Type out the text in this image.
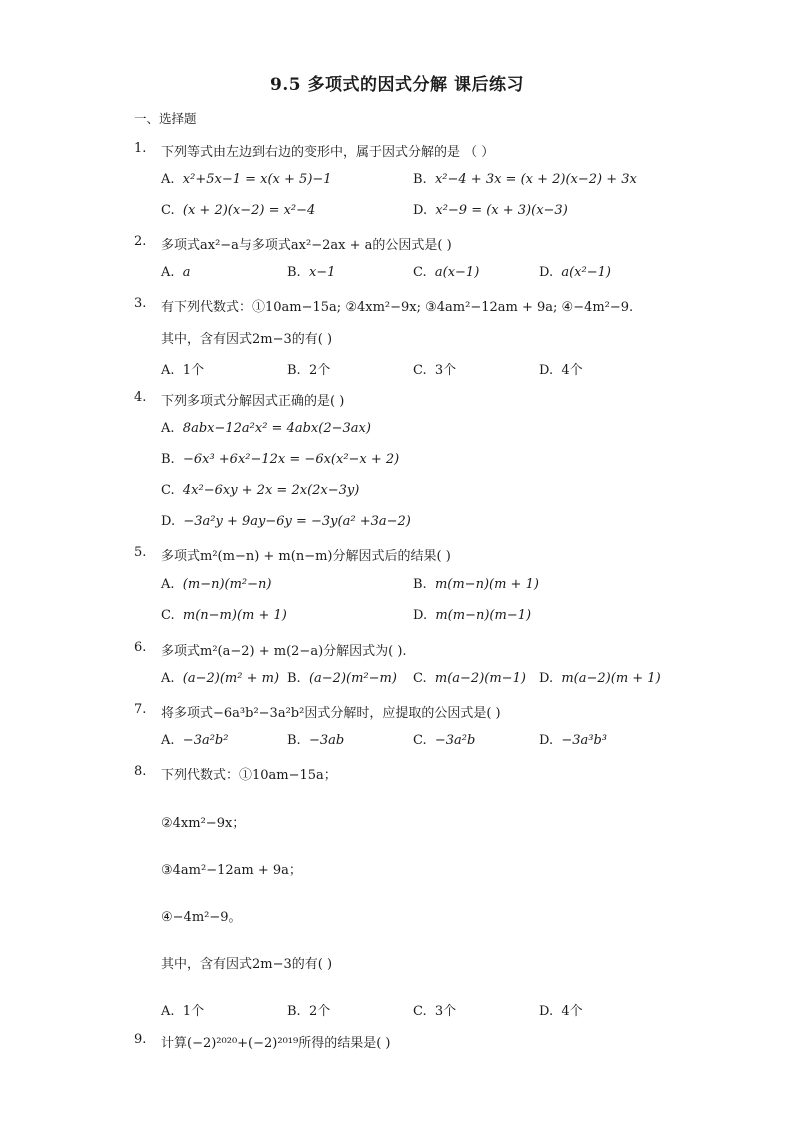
9.5 多项式的因式分解 课后练习
一、选择题
1. 下列等式由左边到右边的变形中，属于因式分解的是 （ ）
A. x²+5x−1 = x(x + 5)−1	B. x²−4 + 3x = (x + 2)(x−2) + 3x
C. (x + 2)(x−2) = x²−4	D. x²−9 = (x + 3)(x−3)
2. 多项式ax²−a与多项式ax²−2ax + a的公因式是( )
A. a	B. x−1	C. a(x−1)	D. a(x²−1)
3. 有下列代数式：①10am−15a; ②4xm²−9x; ③4am²−12am + 9a; ④−4m²−9.
其中，含有因式2m−3的有( )
A. 1个	B. 2个	C. 3个	D. 4个
4. 下列多项式分解因式正确的是( )
A. 8abx−12a²x² = 4abx(2−3ax)
B. −6x³ +6x²−12x = −6x(x²−x + 2)
C. 4x²−6xy + 2x = 2x(2x−3y)
D. −3a²y + 9ay−6y = −3y(a² +3a−2)
5. 多项式m²(m−n) + m(n−m)分解因式后的结果( )
A. (m−n)(m²−n)	B. m(m−n)(m + 1)
C. m(n−m)(m + 1)	D. m(m−n)(m−1)
6. 多项式m²(a−2) + m(2−a)分解因式为( ).
A. (a−2)(m² + m) B. (a−2)(m²−m) C. m(a−2)(m−1) D. m(a−2)(m + 1)
7. 将多项式−6a³b²−3a²b²因式分解时，应提取的公因式是( )
A. −3a²b²	B. −3ab	C. −3a²b	D. −3a³b³
8. 下列代数式：①10am−15a；
②4xm²−9x；
③4am²−12am + 9a；
④−4m²−9。
其中，含有因式2m−3的有( )
A. 1个	B. 2个	C. 3个	D. 4个
9. 计算(−2)²⁰²⁰+(−2)²⁰¹⁹所得的结果是( )
